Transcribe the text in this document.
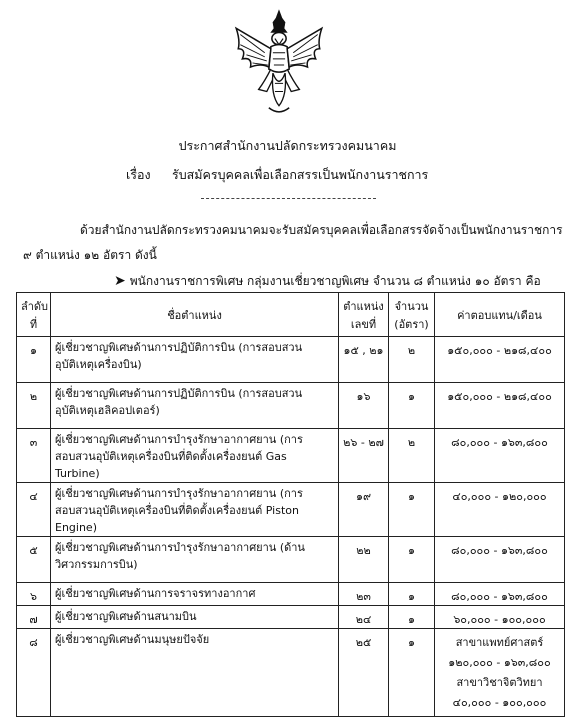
ประกาศสำนักงานปลัดกระทรวงคมนาคม
เรื่อง รับสมัครบุคคลเพื่อเลือกสรรเป็นพนักงานราชการ
ด้วยสำนักงานปลัดกระทรวงคมนาคมจะรับสมัครบุคคลเพื่อเลือกสรรจัดจ้างเป็นพนักงานราชการ
๙ ตำแหน่ง ๑๒ อัตรา ดังนี้
➤ พนักงานราชการพิเศษ กลุ่มงานเชี่ยวชาญพิเศษ จำนวน ๘ ตำแหน่ง ๑๐ อัตรา คือ
ลำดับ ที่	ชื่อตำแหน่ง	ตำแหน่ง เลขที่	จำนวน (อัตรา)	ค่าตอบแทน/เดือน
๑	ผู้เชี่ยวชาญพิเศษด้านการปฏิบัติการบิน (การสอบสวน อุบัติเหตุเครื่องบิน)	๑๕ , ๒๑	๒	๑๕๐,๐๐๐ - ๒๑๘,๔๐๐
๒	ผู้เชี่ยวชาญพิเศษด้านการปฏิบัติการบิน (การสอบสวน อุบัติเหตุเฮลิคอปเตอร์)	๑๖	๑	๑๕๐,๐๐๐ - ๒๑๘,๔๐๐
๓	ผู้เชี่ยวชาญพิเศษด้านการบำรุงรักษาอากาศยาน (การ สอบสวนอุบัติเหตุเครื่องบินที่ติดตั้งเครื่องยนต์ Gas Turbine)	๒๖ - ๒๗	๒	๘๐,๐๐๐ - ๑๖๓,๘๐๐
๔	ผู้เชี่ยวชาญพิเศษด้านการบำรุงรักษาอากาศยาน (การ สอบสวนอุบัติเหตุเครื่องบินที่ติดตั้งเครื่องยนต์ Piston Engine)	๑๙	๑	๔๐,๐๐๐ - ๑๒๐,๐๐๐
๕	ผู้เชี่ยวชาญพิเศษด้านการบำรุงรักษาอากาศยาน (ด้านวิศวกรรมการบิน)	๒๒	๑	๘๐,๐๐๐ - ๑๖๓,๘๐๐
๖	ผู้เชี่ยวชาญพิเศษด้านการจราจรทางอากาศ	๒๓	๑	๘๐,๐๐๐ - ๑๖๓,๘๐๐
๗	ผู้เชี่ยวชาญพิเศษด้านสนามบิน	๒๔	๑	๖๐,๐๐๐ - ๑๐๐,๐๐๐
๘	ผู้เชี่ยวชาญพิเศษด้านมนุษยปัจจัย	๒๕	๑	สาขาแพทย์ศาสตร์
๑๒๐,๐๐๐ - ๑๖๓,๘๐๐
สาขาวิชาจิตวิทยา
๔๐,๐๐๐ - ๑๐๐,๐๐๐
